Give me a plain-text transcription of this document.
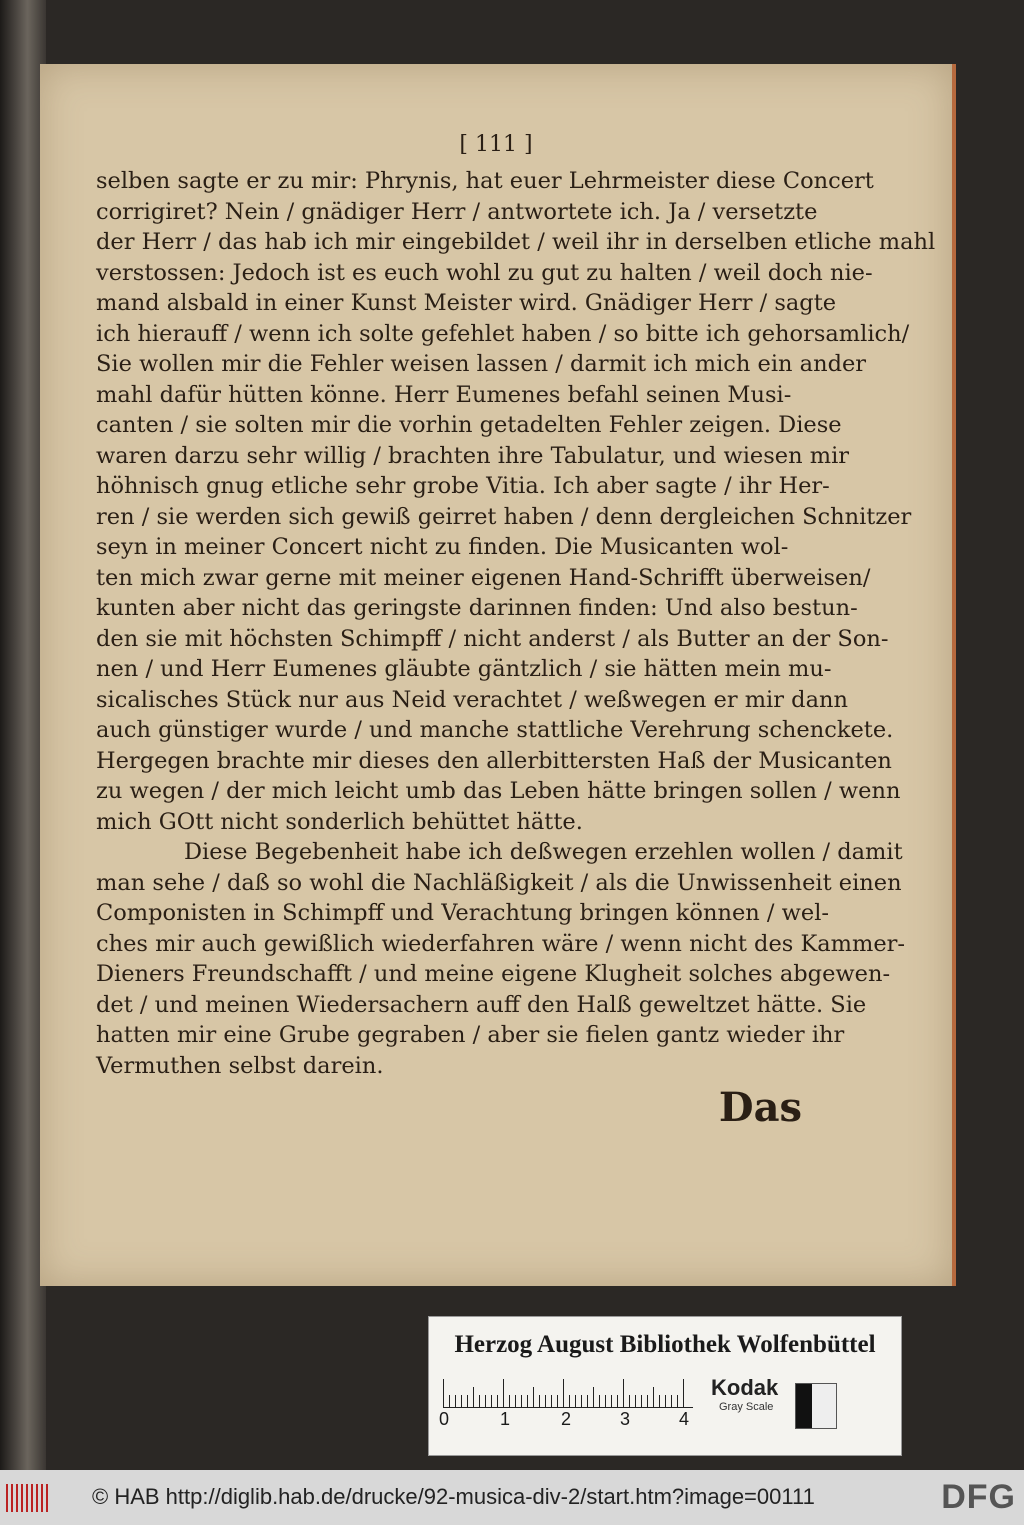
[ 111 ]

selben sagte er zu mir: Phrynis, hat euer Lehrmeister diese Concert

corrigiret? Nein / gnädiger Herr / antwortete ich. Ja / versetzte

der Herr / das hab ich mir eingebildet / weil ihr in derselben etliche mahl

verstossen: Jedoch ist es euch wohl zu gut zu halten / weil doch nie-

mand alsbald in einer Kunst Meister wird. Gnädiger Herr / sagte

ich hierauff / wenn ich solte gefehlet haben / so bitte ich gehorsamlich/

Sie wollen mir die Fehler weisen lassen / darmit ich mich ein ander

mahl dafür hütten könne. Herr Eumenes befahl seinen Musi-

canten / sie solten mir die vorhin getadelten Fehler zeigen. Diese

waren darzu sehr willig / brachten ihre Tabulatur, und wiesen mir

höhnisch gnug etliche sehr grobe Vitia. Ich aber sagte / ihr Her-

ren / sie werden sich gewiß geirret haben / denn dergleichen Schnitzer

seyn in meiner Concert nicht zu finden. Die Musicanten wol-

ten mich zwar gerne mit meiner eigenen Hand-Schrifft überweisen/

kunten aber nicht das geringste darinnen finden: Und also bestun-

den sie mit höchsten Schimpff / nicht anderst / als Butter an der Son-

nen / und Herr Eumenes gläubte gäntzlich / sie hätten mein mu-

sicalisches Stück nur aus Neid verachtet / weßwegen er mir dann

auch günstiger wurde / und manche stattliche Verehrung schenckete.

Hergegen brachte mir dieses den allerbittersten Haß der Musicanten

zu wegen / der mich leicht umb das Leben hätte bringen sollen / wenn

mich GOtt nicht sonderlich behüttet hätte.

Diese Begebenheit habe ich deßwegen erzehlen wollen / damit

man sehe / daß so wohl die Nachläßigkeit / als die Unwissenheit einen

Componisten in Schimpff und Verachtung bringen können / wel-

ches mir auch gewißlich wiederfahren wäre / wenn nicht des Kammer-

Dieners Freundschafft / und meine eigene Klugheit solches abgewen-

det / und meinen Wiedersachern auff den Halß geweltzet hätte. Sie

hatten mir eine Grube gegraben / aber sie fielen gantz wieder ihr

Vermuthen selbst darein.

Das
Herzog August Bibliothek Wolfenbüttel
0	1	2	3	4
Kodak
Gray Scale
© HAB http://diglib.hab.de/drucke/92-musica-div-2/start.htm?image=00111	DFG
